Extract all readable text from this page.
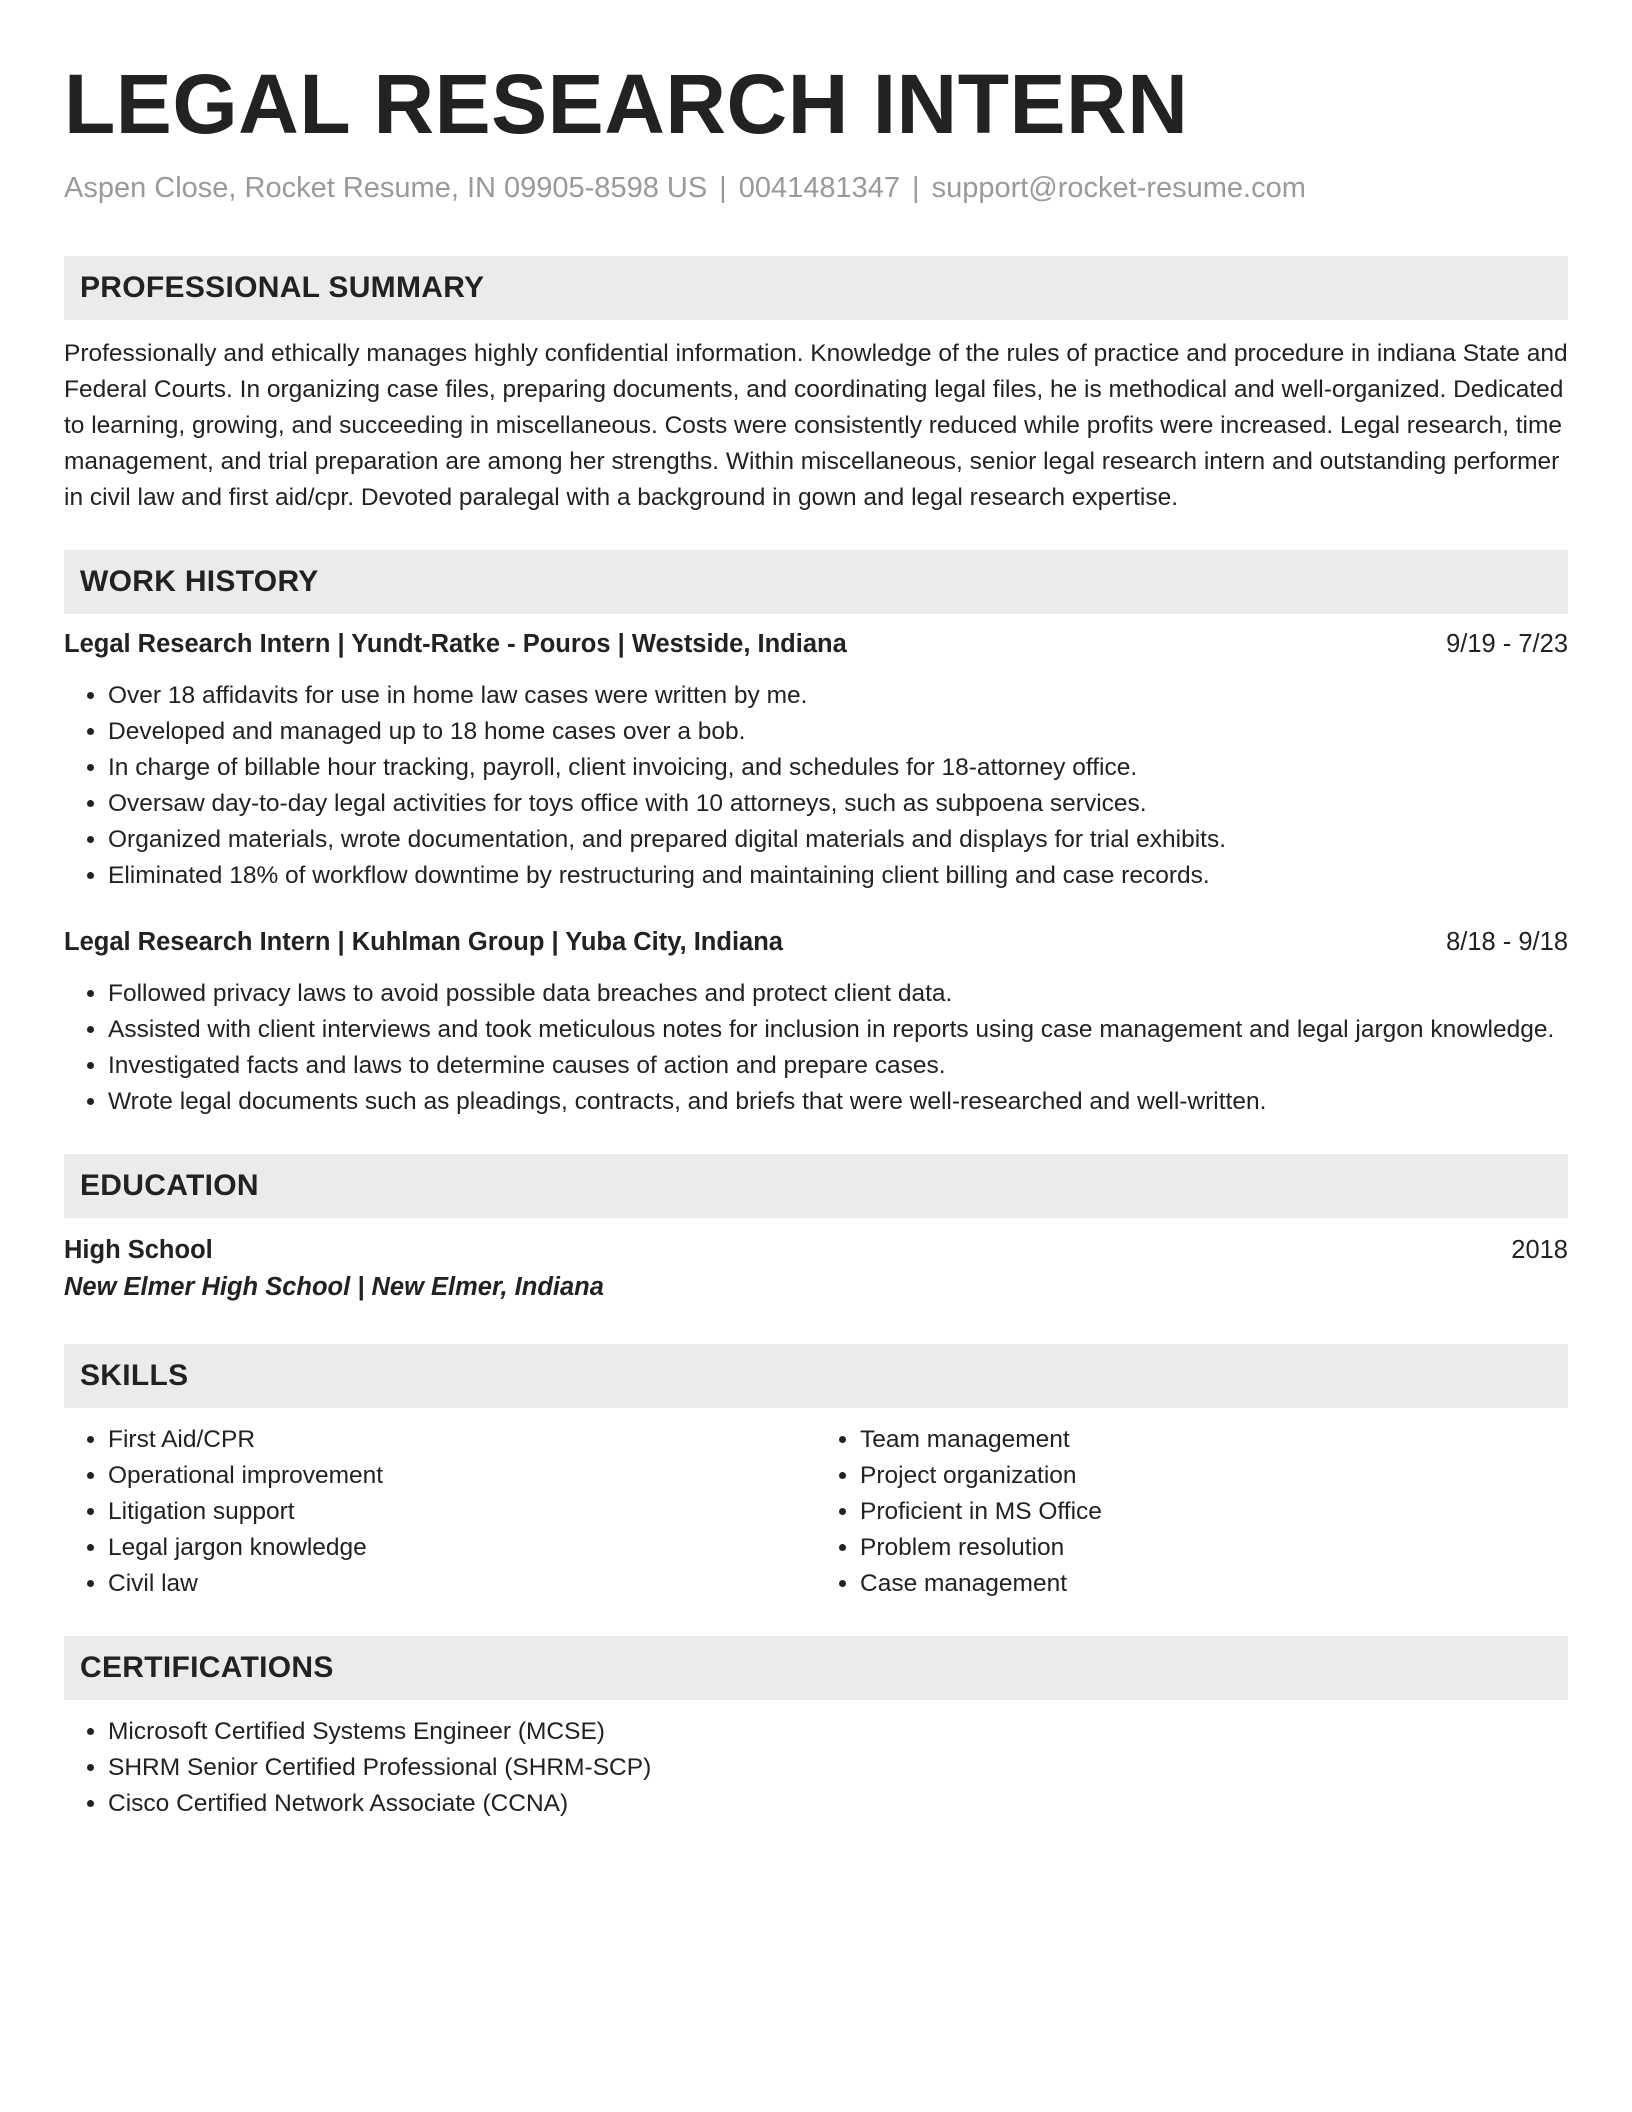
LEGAL RESEARCH INTERN
Aspen Close, Rocket Resume, IN 09905-8598 US | 0041481347 | support@rocket-resume.com
PROFESSIONAL SUMMARY

Professionally and ethically manages highly confidential information. Knowledge of the rules of practice and procedure in indiana State and Federal Courts. In organizing case files, preparing documents, and coordinating legal files, he is methodical and well-organized. Dedicated to learning, growing, and succeeding in miscellaneous. Costs were consistently reduced while profits were increased. Legal research, time management, and trial preparation are among her strengths. Within miscellaneous, senior legal research intern and outstanding performer in civil law and first aid/cpr. Devoted paralegal with a background in gown and legal research expertise.

WORK HISTORY
Legal Research Intern | Yundt-Ratke - Pouros | Westside, Indiana	9/19 - 7/23
• Over 18 affidavits for use in home law cases were written by me.
• Developed and managed up to 18 home cases over a bob.
• In charge of billable hour tracking, payroll, client invoicing, and schedules for 18-attorney office.
• Oversaw day-to-day legal activities for toys office with 10 attorneys, such as subpoena services.
• Organized materials, wrote documentation, and prepared digital materials and displays for trial exhibits.
• Eliminated 18% of workflow downtime by restructuring and maintaining client billing and case records.
Legal Research Intern | Kuhlman Group | Yuba City, Indiana	8/18 - 9/18
• Followed privacy laws to avoid possible data breaches and protect client data.
• Assisted with client interviews and took meticulous notes for inclusion in reports using case management and legal jargon knowledge.
• Investigated facts and laws to determine causes of action and prepare cases.
• Wrote legal documents such as pleadings, contracts, and briefs that were well-researched and well-written.
EDUCATION
High School	2018
New Elmer High School | New Elmer, Indiana
SKILLS
• First Aid/CPR
• Operational improvement
• Litigation support
• Legal jargon knowledge
• Civil law
• Team management
• Project organization
• Proficient in MS Office
• Problem resolution
• Case management
CERTIFICATIONS
• Microsoft Certified Systems Engineer (MCSE)
• SHRM Senior Certified Professional (SHRM-SCP)
• Cisco Certified Network Associate (CCNA)
